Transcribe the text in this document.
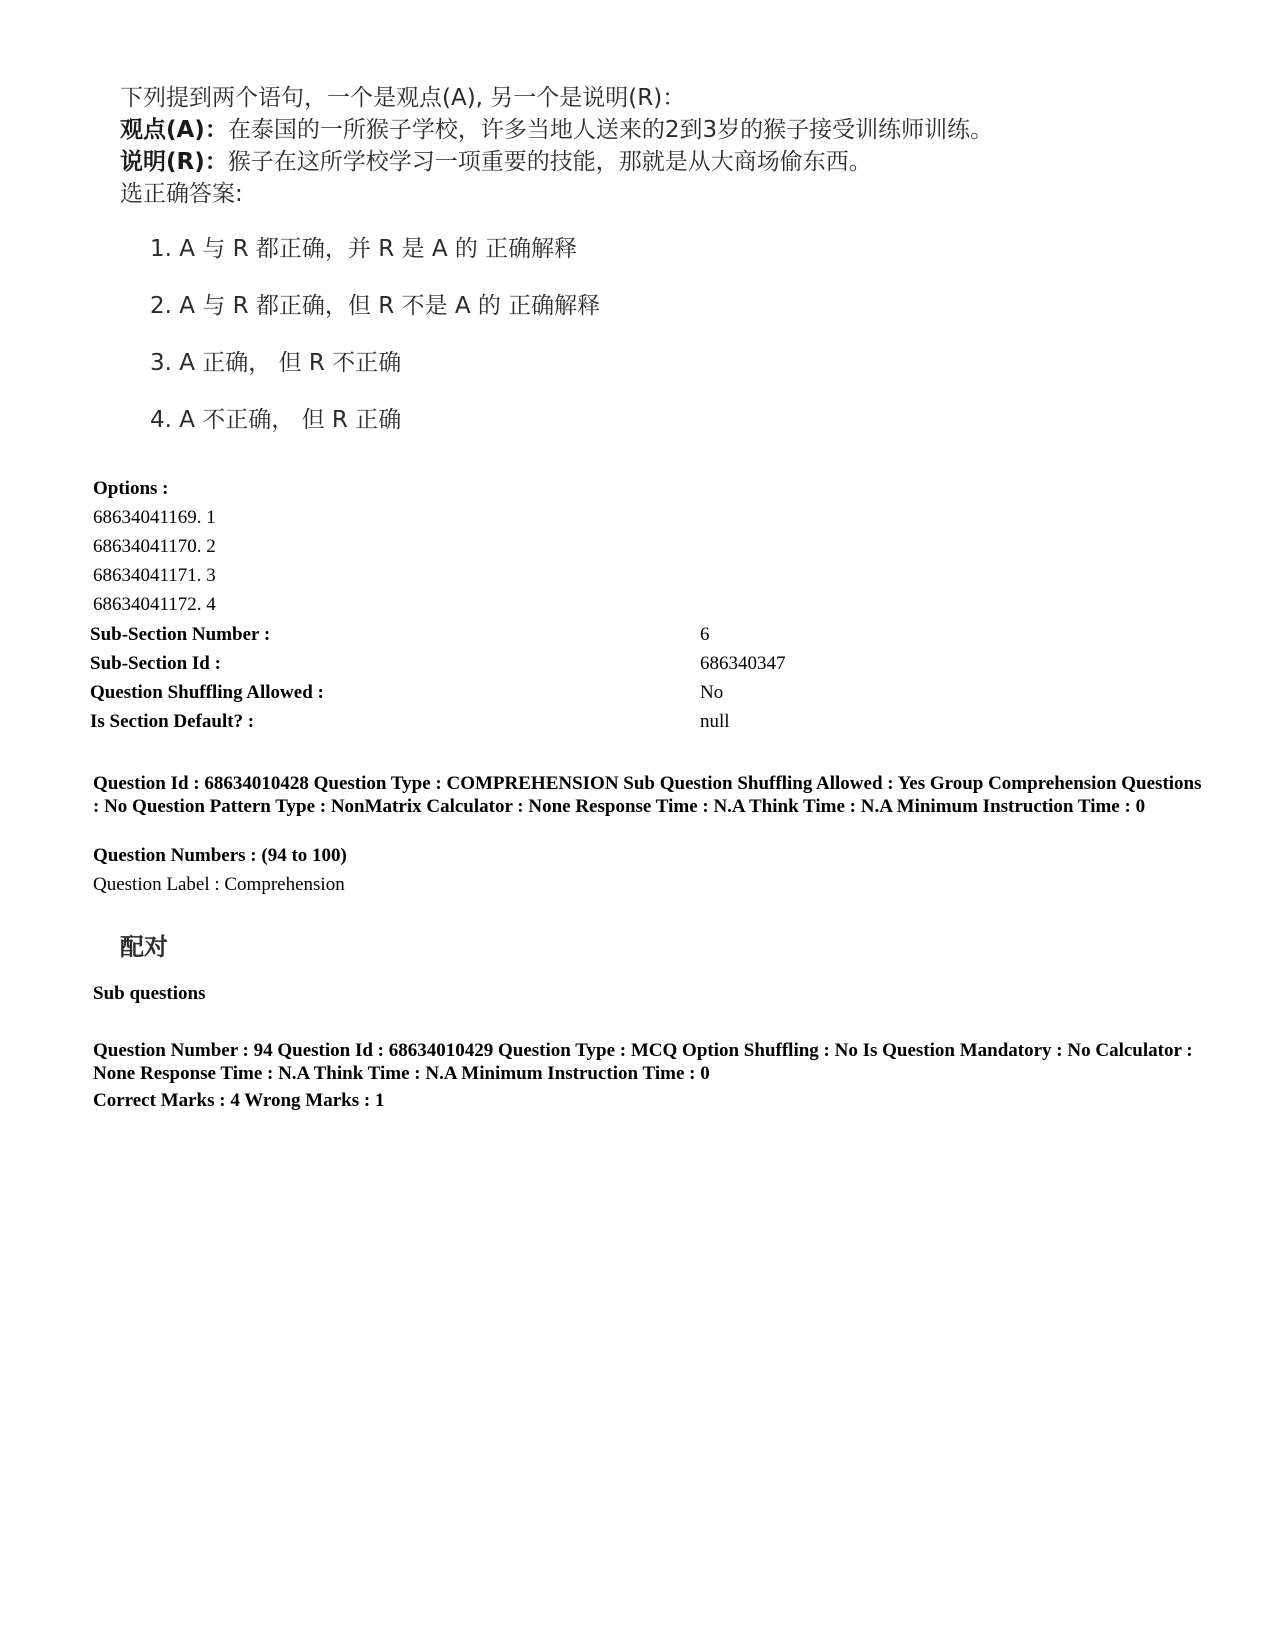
下列提到两个语句，一个是观点(A), 另一个是说明(R)：
观点(A)：在泰国的一所猴子学校，许多当地人送来的2到3岁的猴子接受训练师训练。
说明(R)：猴子在这所学校学习一项重要的技能，那就是从大商场偷东西。
选正确答案:
1. A 与 R 都正确，并 R 是 A 的 正确解释
2. A 与 R 都正确，但 R 不是 A 的 正确解释
3. A 正确， 但 R 不正确
4. A 不正确， 但 R 正确
Options :
68634041169. 1
68634041170. 2
68634041171. 3
68634041172. 4
Sub-Section Number :	6
Sub-Section Id :	686340347
Question Shuffling Allowed :	No
Is Section Default? :	null
Question Id : 68634010428 Question Type : COMPREHENSION Sub Question Shuffling Allowed : Yes Group Comprehension Questions : No Question Pattern Type : NonMatrix Calculator : None Response Time : N.A Think Time : N.A Minimum Instruction Time : 0
Question Numbers : (94 to 100)
Question Label : Comprehension
配对
Sub questions
Question Number : 94 Question Id : 68634010429 Question Type : MCQ Option Shuffling : No Is Question Mandatory : No Calculator : None Response Time : N.A Think Time : N.A Minimum Instruction Time : 0
Correct Marks : 4 Wrong Marks : 1
